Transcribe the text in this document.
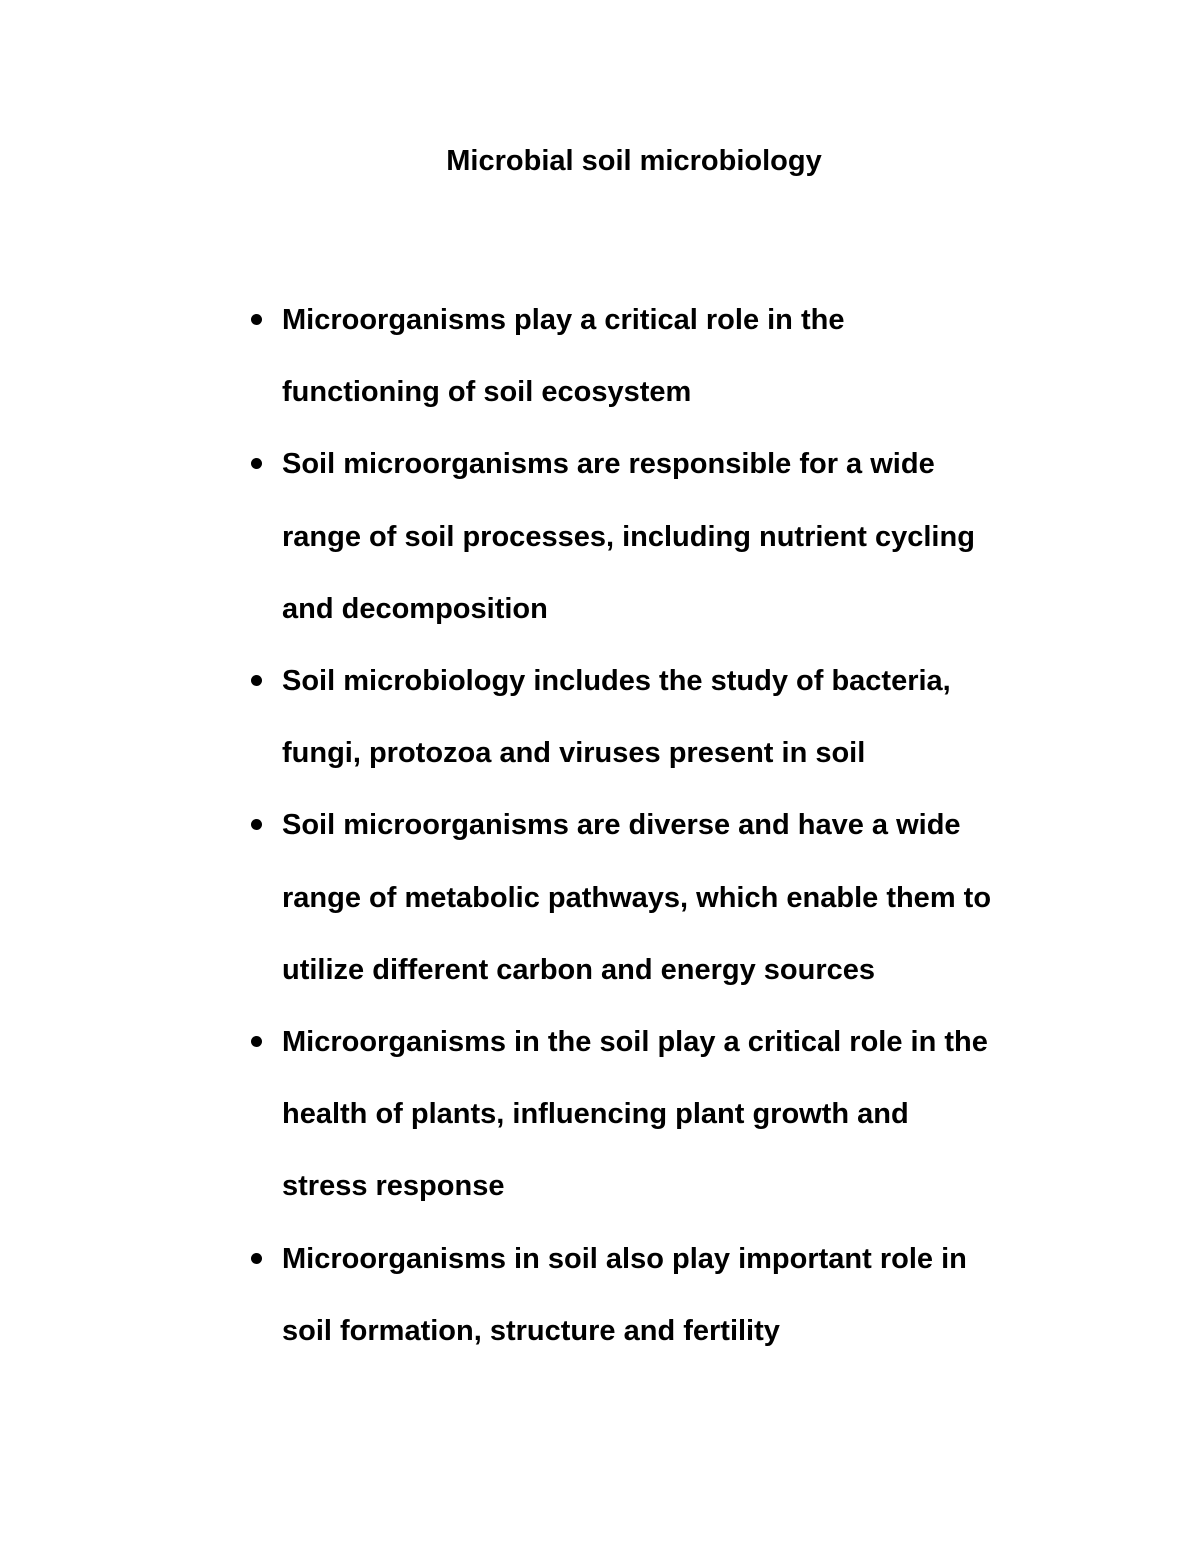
Microbial soil microbiology
Microorganisms play a critical role in the
functioning of soil ecosystem
Soil microorganisms are responsible for a wide
range of soil processes, including nutrient cycling
and decomposition
Soil microbiology includes the study of bacteria,
fungi, protozoa and viruses present in soil
Soil microorganisms are diverse and have a wide
range of metabolic pathways, which enable them to
utilize different carbon and energy sources
Microorganisms in the soil play a critical role in the
health of plants, influencing plant growth and
stress response
Microorganisms in soil also play important role in
soil formation, structure and fertility
